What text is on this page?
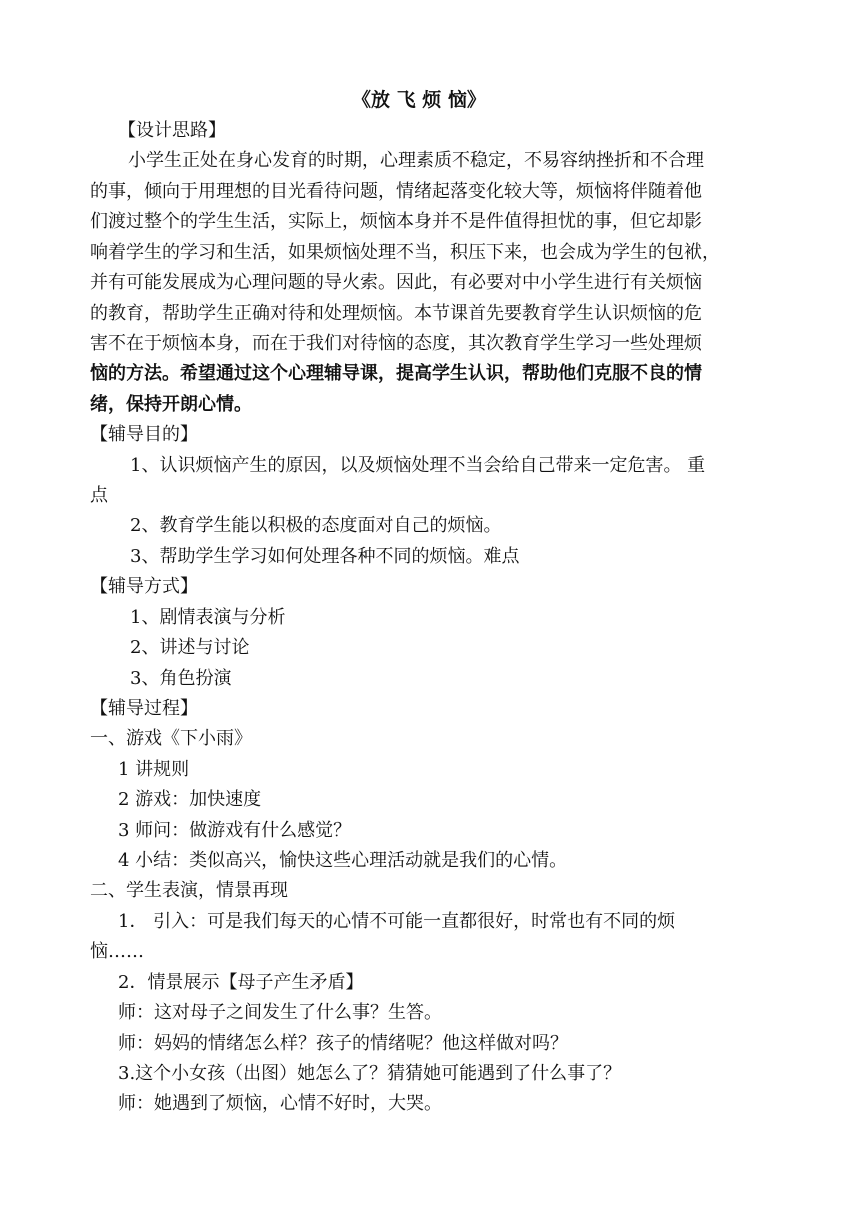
《放 飞 烦 恼》
【设计思路】
小学生正处在身心发育的时期，心理素质不稳定，不易容纳挫折和不合理
的事，倾向于用理想的目光看待问题，情绪起落变化较大等，烦恼将伴随着他
们渡过整个的学生生活，实际上，烦恼本身并不是件值得担忧的事，但它却影
响着学生的学习和生活，如果烦恼处理不当，积压下来，也会成为学生的包袱，
并有可能发展成为心理问题的导火索。因此，有必要对中小学生进行有关烦恼
的教育，帮助学生正确对待和处理烦恼。本节课首先要教育学生认识烦恼的危
害不在于烦恼本身，而在于我们对待恼的态度，其次教育学生学习一些处理烦
恼的方法。希望通过这个心理辅导课，提高学生认识，帮助他们克服不良的情
绪，保持开朗心情。
【辅导目的】
1、认识烦恼产生的原因，以及烦恼处理不当会给自己带来一定危害。 重
点
2、教育学生能以积极的态度面对自己的烦恼。
3、帮助学生学习如何处理各种不同的烦恼。难点
【辅导方式】
1、剧情表演与分析
2、讲述与讨论
3、角色扮演
【辅导过程】
一、游戏《下小雨》
1 讲规则
2 游戏：加快速度
3 师问：做游戏有什么感觉？
4 小结：类似高兴，愉快这些心理活动就是我们的心情。
二、学生表演，情景再现
1． 引入：可是我们每天的心情不可能一直都很好，时常也有不同的烦
恼……
2．情景展示【母子产生矛盾】
师：这对母子之间发生了什么事？生答。
师：妈妈的情绪怎么样？孩子的情绪呢？他这样做对吗？
3.这个小女孩（出图）她怎么了？猜猜她可能遇到了什么事了？
师：她遇到了烦恼，心情不好时，大哭。
